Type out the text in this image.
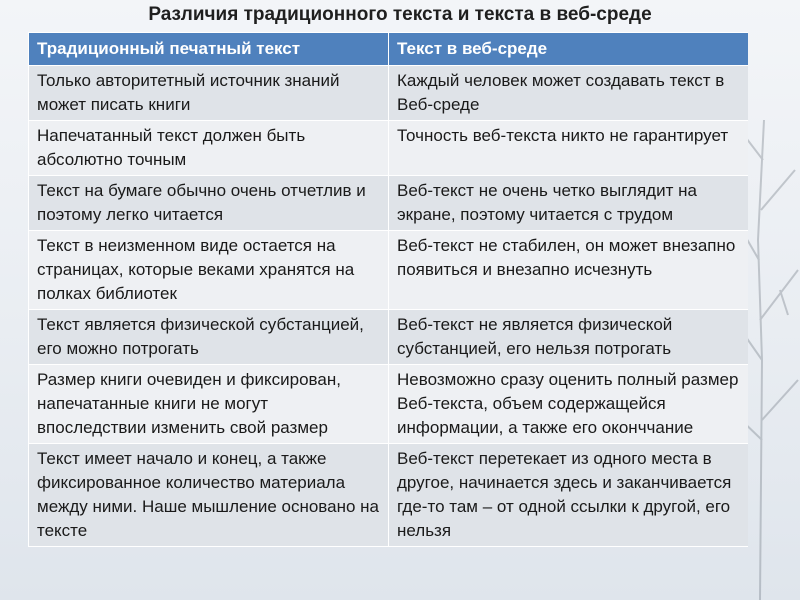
Различия традиционного текста и текста в веб-среде
Традиционный печатный текст	Текст в веб-среде
Только авторитетный источник знаний может писать книги	Каждый человек может создавать текст в Веб-среде
Напечатанный текст должен быть абсолютно точным	Точность веб-текста никто не гарантирует
Текст на бумаге обычно очень отчетлив и поэтому легко читается	Веб-текст не очень четко выглядит на экране, поэтому читается с трудом
Текст в неизменном виде остается на страницах, которые веками хранятся на полках библиотек	Веб-текст не стабилен, он может внезапно появиться и внезапно исчезнуть
Текст является физической субстанцией, его можно потрогать	Веб-текст не является физической субстанцией, его нельзя потрогать
Размер книги очевиден и фиксирован, напечатанные книги не могут впоследствии изменить свой размер	Невозможно сразу оценить полный размер Веб-текста, объем содержащейся информации, а также его оконччание
Текст имеет начало и конец, а также фиксированное количество материала между ними. Наше мышление основано на тексте	Веб-текст перетекает из одного места в другое, начинается здесь и заканчивается где-то там – от одной ссылки к другой, его нельзя
